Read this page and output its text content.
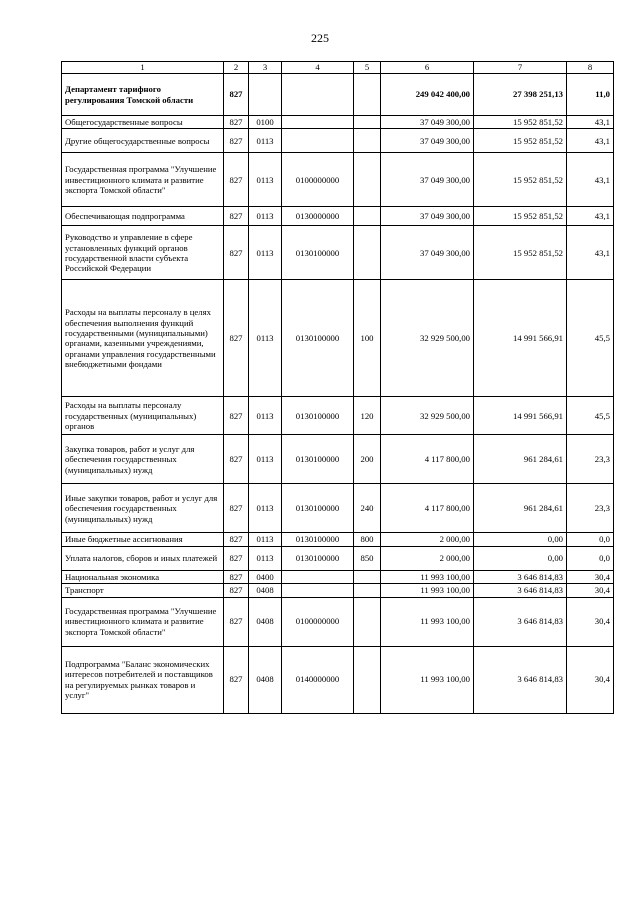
225
1	2	3	4	5	6	7	8
Департамент тарифного регулирования Томской области	827				249 042 400,00	27 398 251,13	11,0
Общегосударственные вопросы	827	0100			37 049 300,00	15 952 851,52	43,1
Другие общегосударственные вопросы	827	0113			37 049 300,00	15 952 851,52	43,1
Государственная программа "Улучшение инвестиционного климата и развитие экспорта Томской области"	827	0113	0100000000		37 049 300,00	15 952 851,52	43,1
Обеспечивающая подпрограмма	827	0113	0130000000		37 049 300,00	15 952 851,52	43,1
Руководство и управление в сфере установленных функций органов государственной власти субъекта Российской Федерации	827	0113	0130100000		37 049 300,00	15 952 851,52	43,1
Расходы на выплаты персоналу в целях обеспечения выполнения функций государственными (муниципальными) органами, казенными учреждениями, органами управления государственными внебюджетными фондами	827	0113	0130100000	100	32 929 500,00	14 991 566,91	45,5
Расходы на выплаты персоналу государственных (муниципальных) органов	827	0113	0130100000	120	32 929 500,00	14 991 566,91	45,5
Закупка товаров, работ и услуг для обеспечения государственных (муниципальных) нужд	827	0113	0130100000	200	4 117 800,00	961 284,61	23,3
Иные закупки товаров, работ и услуг для обеспечения государственных (муниципальных) нужд	827	0113	0130100000	240	4 117 800,00	961 284,61	23,3
Иные бюджетные ассигнования	827	0113	0130100000	800	2 000,00	0,00	0,0
Уплата налогов, сборов и иных платежей	827	0113	0130100000	850	2 000,00	0,00	0,0
Национальная экономика	827	0400			11 993 100,00	3 646 814,83	30,4
Транспорт	827	0408			11 993 100,00	3 646 814,83	30,4
Государственная программа "Улучшение инвестиционного климата и развитие экспорта Томской области"	827	0408	0100000000		11 993 100,00	3 646 814,83	30,4
Подпрограмма "Баланс экономических интересов потребителей и поставщиков на регулируемых рынках товаров и услуг"	827	0408	0140000000		11 993 100,00	3 646 814,83	30,4
